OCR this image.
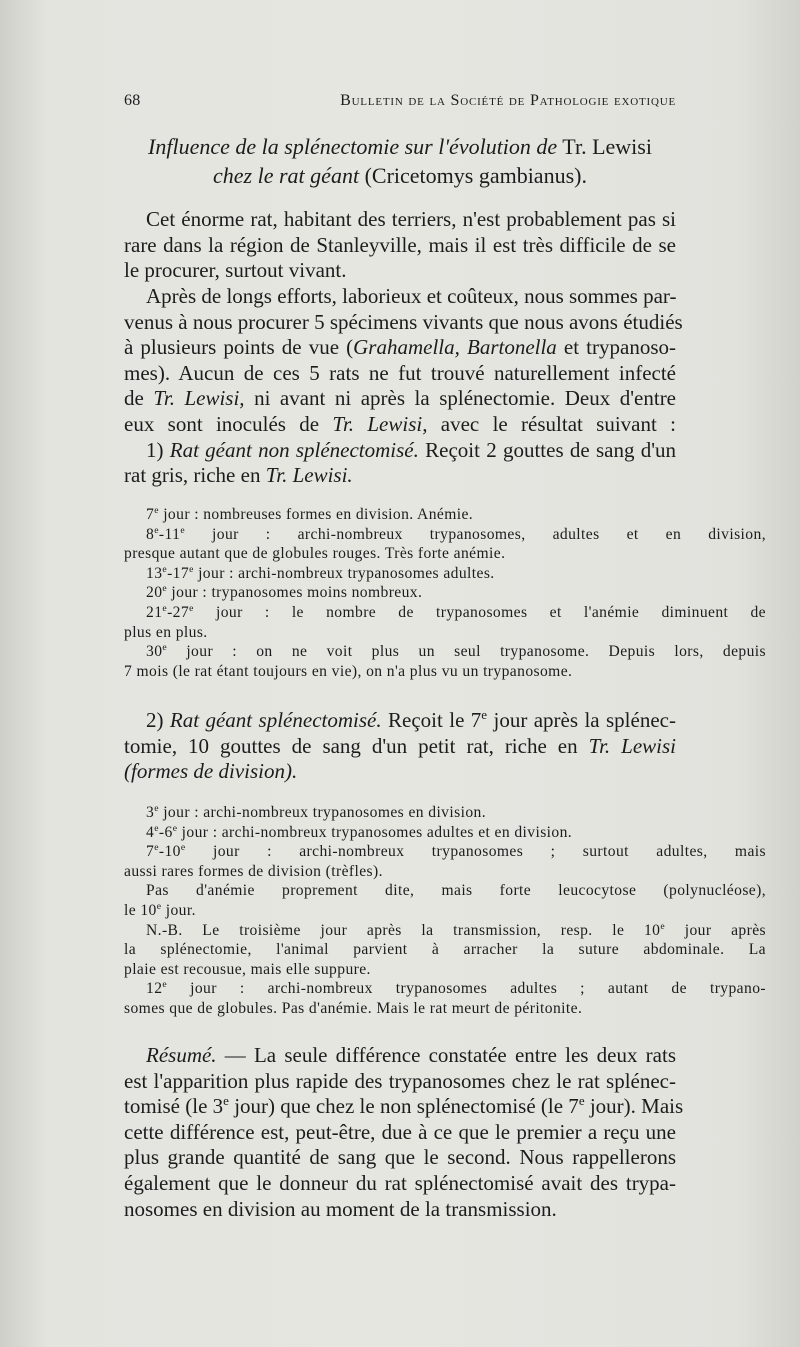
68	Bulletin de la Société de Pathologie exotique
Influence de la splénectomie sur l'évolution de Tr. Lewisi
chez le rat géant (Cricetomys gambianus).
Cet énorme rat, habitant des terriers, n'est probablement pas si
rare dans la région de Stanleyville, mais il est très difficile de se
le procurer, surtout vivant.
Après de longs efforts, laborieux et coûteux, nous sommes par-
venus à nous procurer 5 spécimens vivants que nous avons étudiés
à plusieurs points de vue (Grahamella, Bartonella et trypanoso-
mes). Aucun de ces 5 rats ne fut trouvé naturellement infecté
de Tr. Lewisi, ni avant ni après la splénectomie. Deux d'entre
eux sont inoculés de Tr. Lewisi, avec le résultat suivant :
1) Rat géant non splénectomisé. Reçoit 2 gouttes de sang d'un
rat gris, riche en Tr. Lewisi.
7e jour : nombreuses formes en division. Anémie.
8e-11e jour : archi-nombreux trypanosomes, adultes et en division,
presque autant que de globules rouges. Très forte anémie.
13e-17e jour : archi-nombreux trypanosomes adultes.
20e jour : trypanosomes moins nombreux.
21e-27e jour : le nombre de trypanosomes et l'anémie diminuent de
plus en plus.
30e jour : on ne voit plus un seul trypanosome. Depuis lors, depuis
7 mois (le rat étant toujours en vie), on n'a plus vu un trypanosome.
2) Rat géant splénectomisé. Reçoit le 7e jour après la splénec-
tomie, 10 gouttes de sang d'un petit rat, riche en Tr. Lewisi
(formes de division).
3e jour : archi-nombreux trypanosomes en division.
4e-6e jour : archi-nombreux trypanosomes adultes et en division.
7e-10e jour : archi-nombreux trypanosomes ; surtout adultes, mais
aussi rares formes de division (trèfles).
Pas d'anémie proprement dite, mais forte leucocytose (polynucléose),
le 10e jour.
N.-B. Le troisième jour après la transmission, resp. le 10e jour après
la splénectomie, l'animal parvient à arracher la suture abdominale. La
plaie est recousue, mais elle suppure.
12e jour : archi-nombreux trypanosomes adultes ; autant de trypano-
somes que de globules. Pas d'anémie. Mais le rat meurt de péritonite.
Résumé. — La seule différence constatée entre les deux rats
est l'apparition plus rapide des trypanosomes chez le rat splénec-
tomisé (le 3e jour) que chez le non splénectomisé (le 7e jour). Mais
cette différence est, peut-être, due à ce que le premier a reçu une
plus grande quantité de sang que le second. Nous rappellerons
également que le donneur du rat splénectomisé avait des trypa-
nosomes en division au moment de la transmission.
